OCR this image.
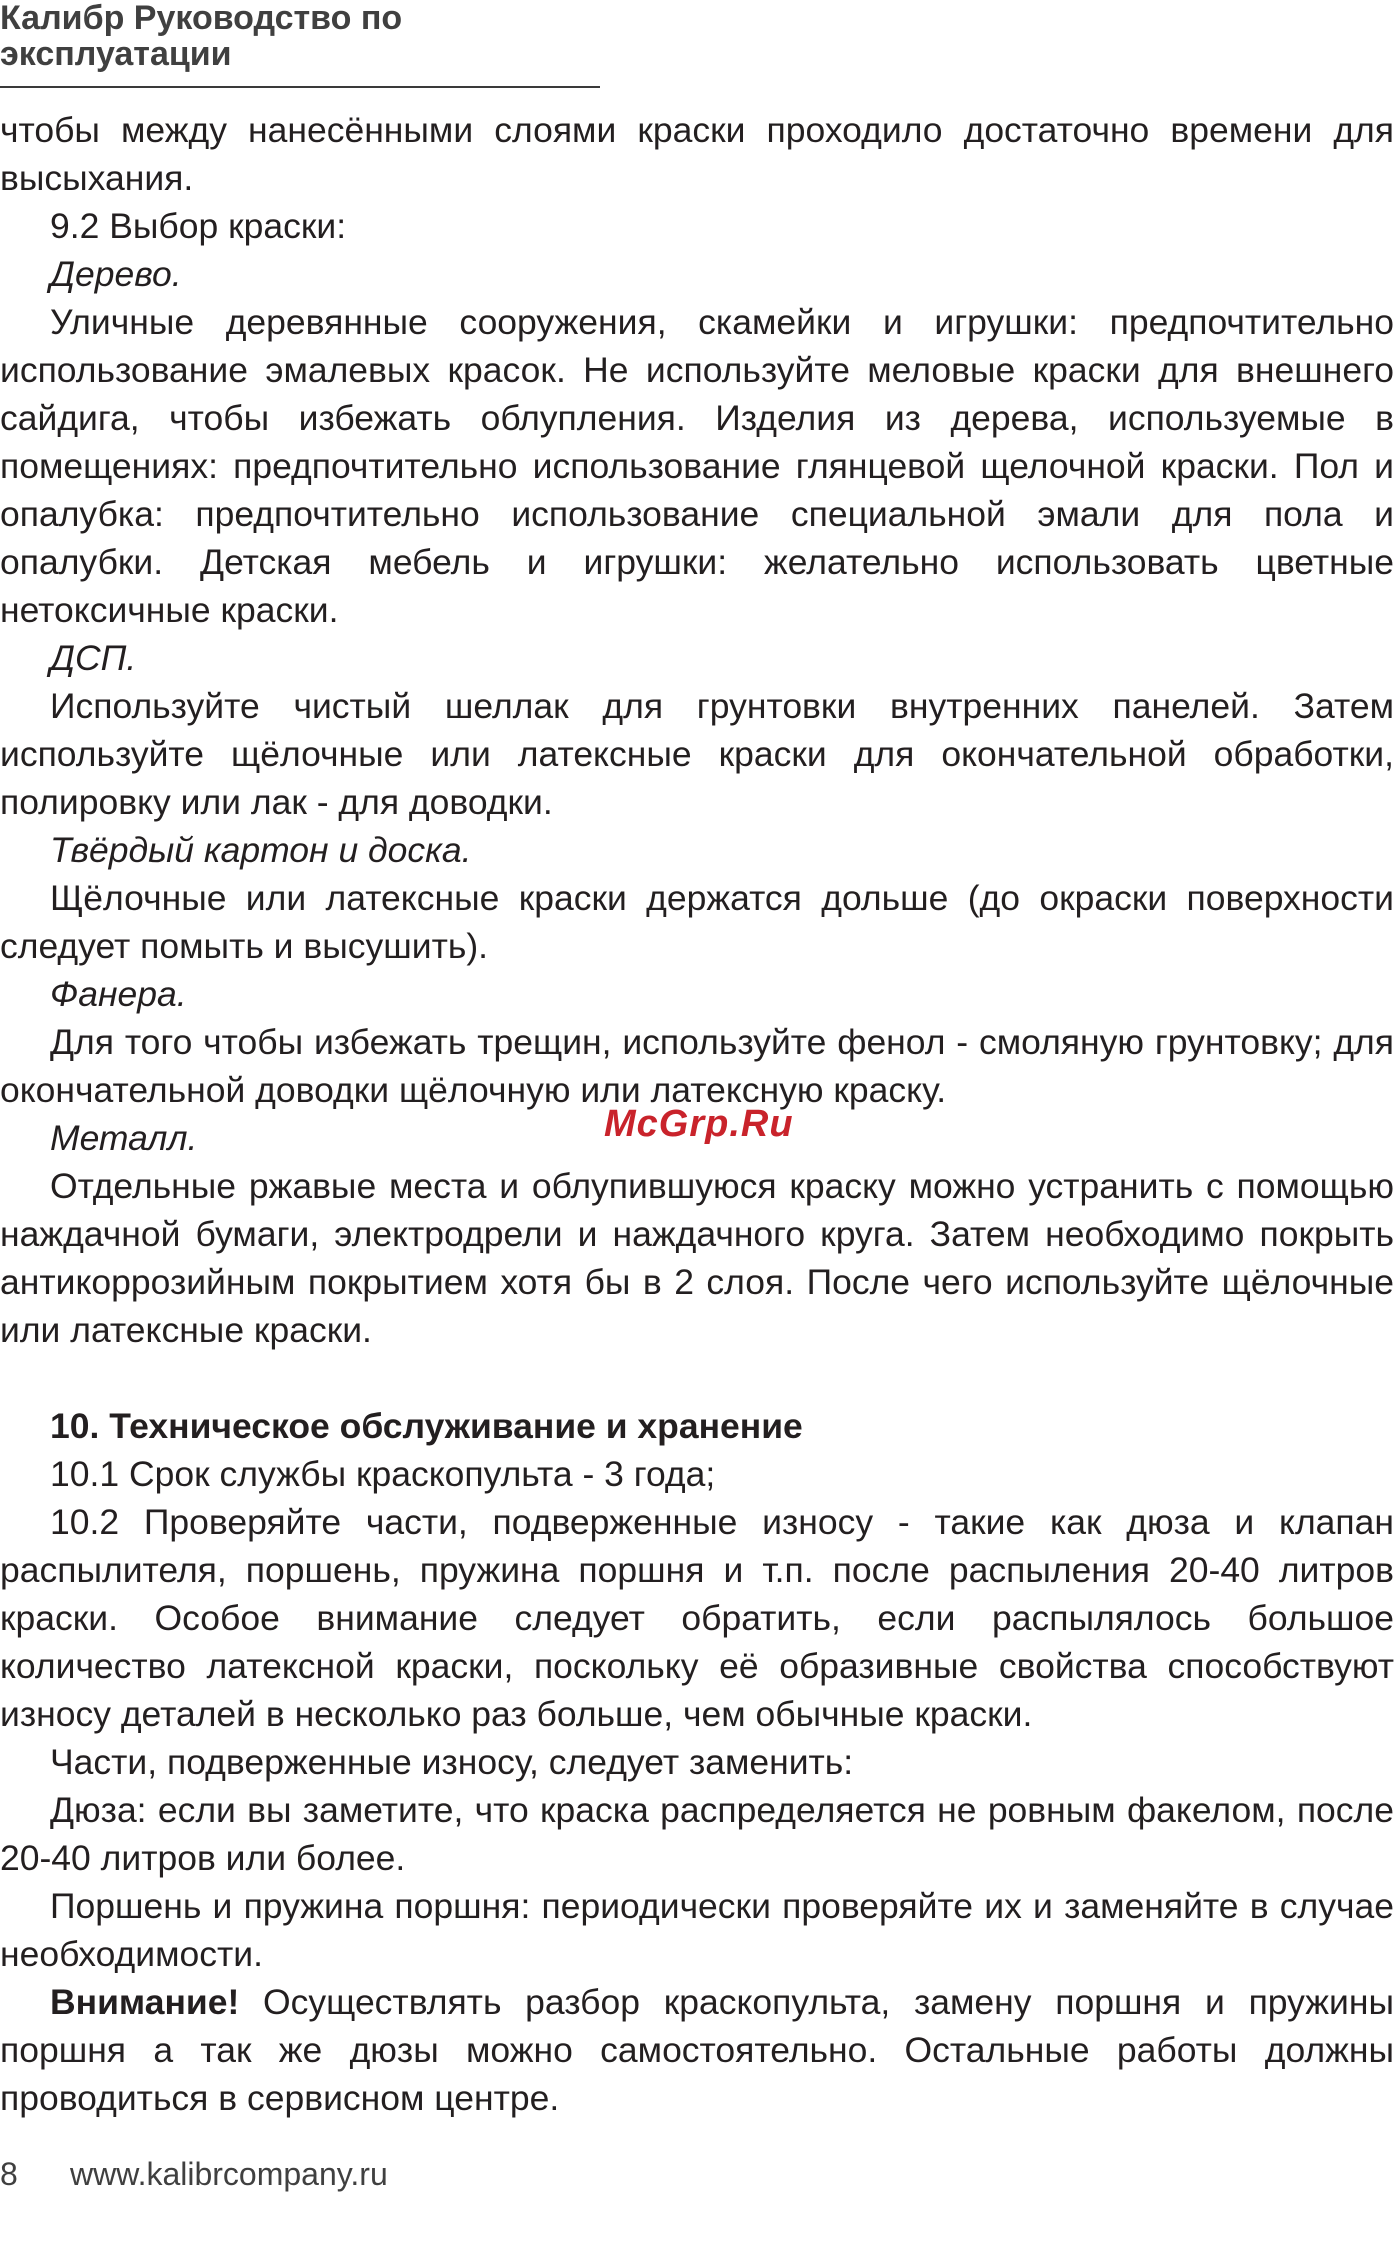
Калибр Руководство по эксплуатации

чтобы между нанесёнными слоями краски проходило достаточно времени для высыхания.

9.2 Выбор краски:

Дерево.

Уличные деревянные сооружения, скамейки и игрушки: предпочтительно использование эмалевых красок. Не используйте меловые краски для внешнего сайдига, чтобы избежать облупления. Изделия из дерева, используемые в помещениях: предпочтительно использование глянцевой щелочной краски. Пол и опалубка: предпочтительно использование специальной эмали для пола и опалубки. Детская мебель и игрушки: желательно использовать цветные нетоксичные краски.

ДСП.

Используйте чистый шеллак для грунтовки внутренних панелей. Затем используйте щёлочные или латексные краски для окончательной обработки, полировку или лак - для доводки.

Твёрдый картон и доска.

Щёлочные или латексные краски держатся дольше (до окраски поверхности следует помыть и высушить).

Фанера.

Для того чтобы избежать трещин, используйте фенол - смоляную грунтовку; для окончательной доводки щёлочную или латексную краску.

Металл.

Отдельные ржавые места и облупившуюся краску можно устранить с помощью наждачной бумаги, электродрели и наждачного круга. Затем необходимо покрыть антикоррозийным покрытием хотя бы в 2 слоя. После чего используйте щёлочные или латексные краски.

10. Техническое обслуживание и хранение

10.1 Срок службы краскопульта - 3 года;

10.2 Проверяйте части, подверженные износу - такие как дюза и клапан распылителя, поршень, пружина поршня и т.п. после распыления 20-40 литров краски. Особое внимание следует обратить, если распылялось большое количество латексной краски, поскольку её образивные свойства способствуют износу деталей в несколько раз больше, чем обычные краски.

Части, подверженные износу, следует заменить:

Дюза: если вы заметите, что краска распределяется не ровным факелом, после 20-40 литров или более.

Поршень и пружина поршня: периодически проверяйте их и заменяйте в случае необходимости.

Внимание! Осуществлять разбор краскопульта, замену поршня и пружины поршня а так же дюзы можно самостоятельно. Остальные работы должны проводиться в сервисном центре.

McGrp.Ru
8 www.kalibrcompany.ru
